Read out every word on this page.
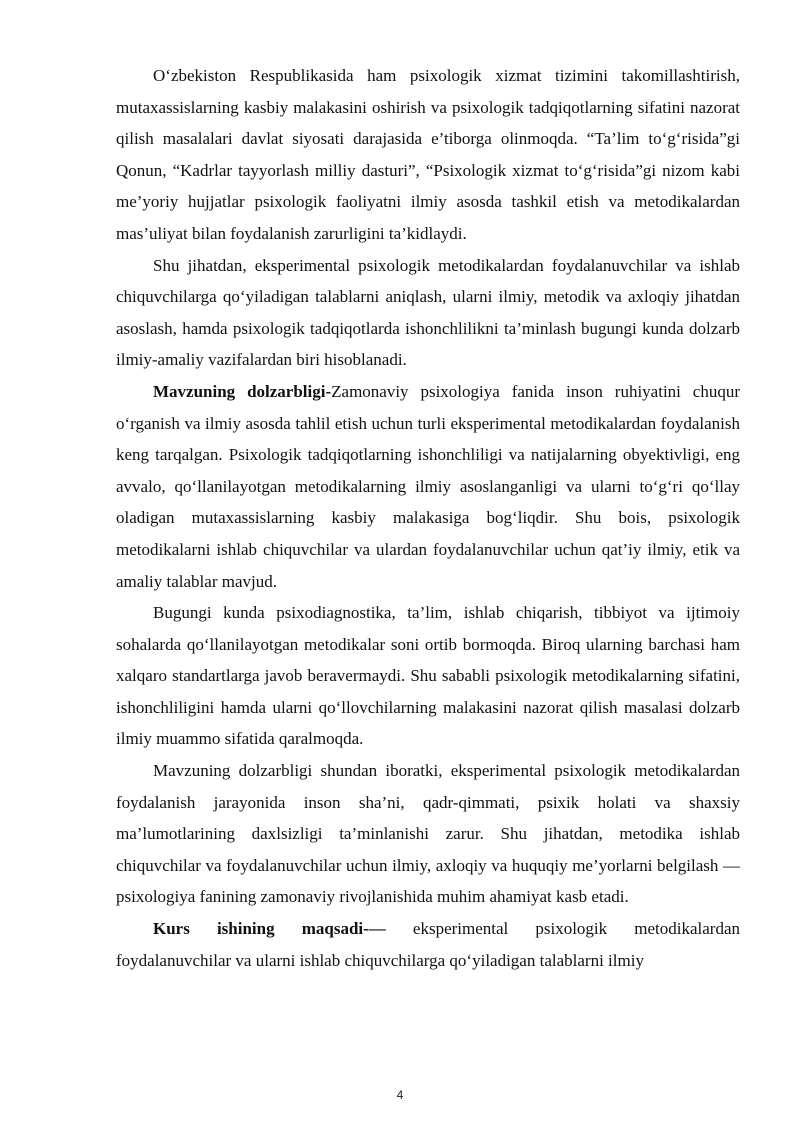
O‘zbekiston Respublikasida ham psixologik xizmat tizimini takomillashtirish, mutaxassislarning kasbiy malakasini oshirish va psixologik tadqiqotlarning sifatini nazorat qilish masalalari davlat siyosati darajasida e’tiborga olinmoqda. “Ta’lim to‘g‘risida”gi Qonun, “Kadrlar tayyorlash milliy dasturi”, “Psixologik xizmat to‘g‘risida”gi nizom kabi me’yoriy hujjatlar psixologik faoliyatni ilmiy asosda tashkil etish va metodikalardan mas’uliyat bilan foydalanish zarurligini ta’kidlaydi.

Shu jihatdan, eksperimental psixologik metodikalardan foydalanuvchilar va ishlab chiquvchilarga qo‘yiladigan talablarni aniqlash, ularni ilmiy, metodik va axloqiy jihatdan asoslash, hamda psixologik tadqiqotlarda ishonchlilikni ta’minlash bugungi kunda dolzarb ilmiy-amaliy vazifalardan biri hisoblanadi.

Mavzuning dolzarbligi-Zamonaviy psixologiya fanida inson ruhiyatini chuqur o‘rganish va ilmiy asosda tahlil etish uchun turli eksperimental metodikalardan foydalanish keng tarqalgan. Psixologik tadqiqotlarning ishonchliligi va natijalarning obyektivligi, eng avvalo, qo‘llanilayotgan metodikalarning ilmiy asoslanganligi va ularni to‘g‘ri qo‘llay oladigan mutaxassislarning kasbiy malakasiga bog‘liqdir. Shu bois, psixologik metodikalarni ishlab chiquvchilar va ulardan foydalanuvchilar uchun qat’iy ilmiy, etik va amaliy talablar mavjud.

Bugungi kunda psixodiagnostika, ta’lim, ishlab chiqarish, tibbiyot va ijtimoiy sohalarda qo‘llanilayotgan metodikalar soni ortib bormoqda. Biroq ularning barchasi ham xalqaro standartlarga javob beravermaydi. Shu sababli psixologik metodikalarning sifatini, ishonchliligini hamda ularni qo‘llovchilarning malakasini nazorat qilish masalasi dolzarb ilmiy muammo sifatida qaralmoqda.

Mavzuning dolzarbligi shundan iboratki, eksperimental psixologik metodikalardan foydalanish jarayonida inson sha’ni, qadr-qimmati, psixik holati va shaxsiy ma’lumotlarining daxlsizligi ta’minlanishi zarur. Shu jihatdan, metodika ishlab chiquvchilar va foydalanuvchilar uchun ilmiy, axloqiy va huquqiy me’yorlarni belgilash — psixologiya fanining zamonaviy rivojlanishida muhim ahamiyat kasb etadi.

Kurs ishining maqsadi-— eksperimental psixologik metodikalardan foydalanuvchilar va ularni ishlab chiquvchilarga qo‘yiladigan talablarni ilmiy

4
